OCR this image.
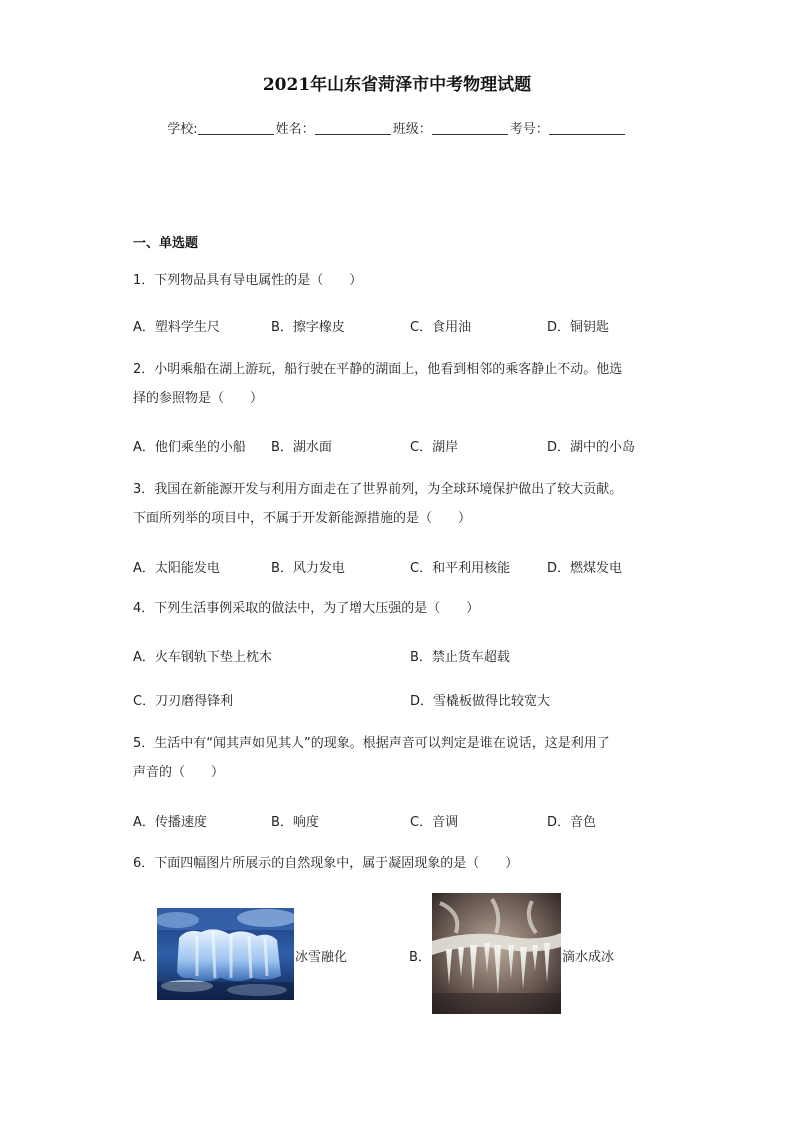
2021年山东省菏泽市中考物理试题
学校:	姓名：	班级：	考号：
一、单选题
1．下列物品具有导电属性的是（　　）
A．塑料学生尺	B．擦字橡皮	C．食用油	D．铜钥匙
2．小明乘船在湖上游玩，船行驶在平静的湖面上，他看到相邻的乘客静止不动。他选
择的参照物是（　　）
A．他们乘坐的小船 B．湖水面	C．湖岸	D．湖中的小岛
3．我国在新能源开发与利用方面走在了世界前列，为全球环境保护做出了较大贡献。
下面所列举的项目中，不属于开发新能源措施的是（　　）
A．太阳能发电	B．风力发电	C．和平利用核能	D．燃煤发电
4．下列生活事例采取的做法中，为了增大压强的是（　　）
A．火车钢轨下垫上枕木	B．禁止货车超载
C．刀刃磨得锋利	D．雪橇板做得比较宽大
5．生活中有“闻其声如见其人”的现象。根据声音可以判定是谁在说话，这是利用了
声音的（　　）
A．传播速度	B．响度	C．音调	D．音色
6．下面四幅图片所展示的自然现象中，属于凝固现象的是（　　）
A．	冰雪融化	B．	滴水成冰
